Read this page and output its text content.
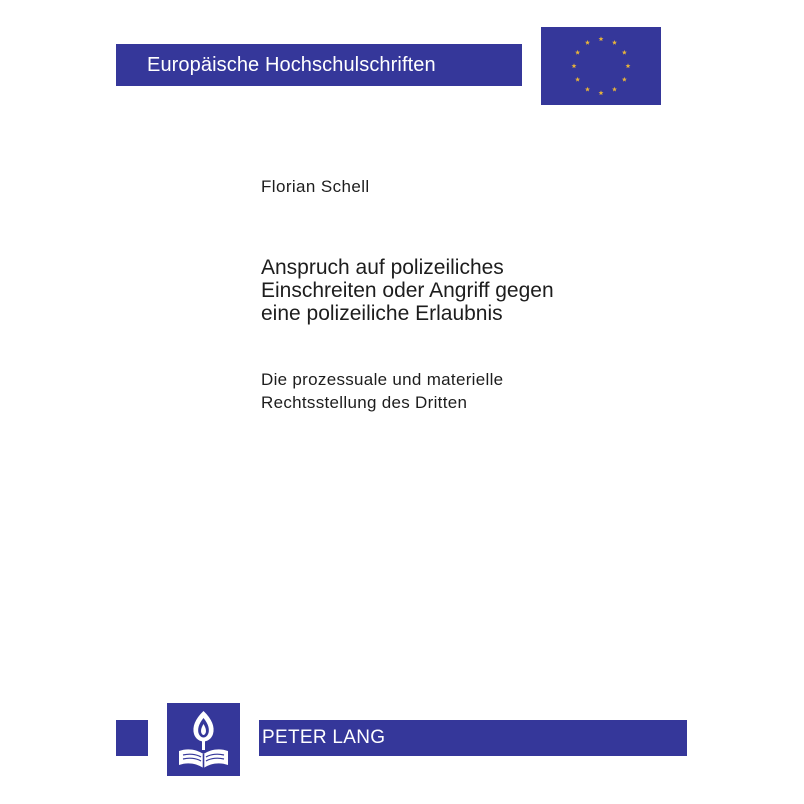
Europäische Hochschulschriften
Florian Schell
Anspruch auf polizeiliches
Einschreiten oder Angriff gegen
eine polizeiliche Erlaubnis
Die prozessuale und materielle
Rechtsstellung des Dritten
PETER LANG
